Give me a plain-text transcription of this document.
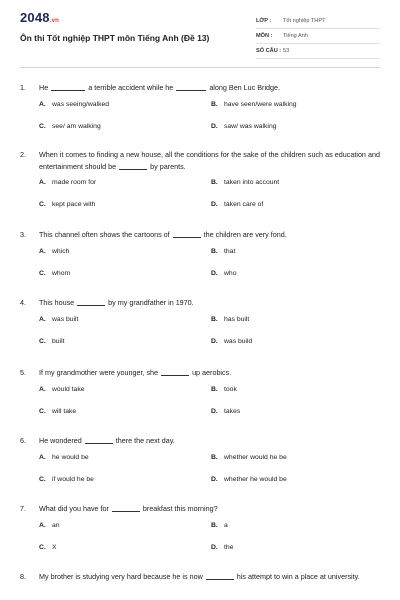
2048.vn
Ôn thi Tốt nghiệp THPT môn Tiếng Anh (Đề 13)
LỚP :	Tốt nghiệp THPT
MÔN :	Tiếng Anh
SỐ CÂU : 53
1.	He	a terrible accident while he	along Ben Luc Bridge.
A. was seeing/walked	B. have seen/were walking
C. see/ am walking	D. saw/ was walking
2.	When it comes to finding a new house, all the conditions for the sake of the children such as education and entertainment should be	by parents.
A. made room for	B. taken into account
C. kept pace with	D. taken care of
3.	This channel often shows the cartoons of	the children are very fond.
A. which	B. that
C. whom	D. who
4.	This house	by my grandfather in 1970.
A. was built	B. has built
C. built	D. was build
5.	If my grandmother were younger, she	up aerobics.
A. would take	B. took
C. will take	D. takes
6.	He wondered	there the next day.
A. he would be	B. whether would he be
C. if would he be	D. whether he would be
7.	What did you have for	breakfast this morning?
A. an	B. a
C. X	D. the
8.	My brother is studying very hard because he is now	his attempt to win a place at university.
